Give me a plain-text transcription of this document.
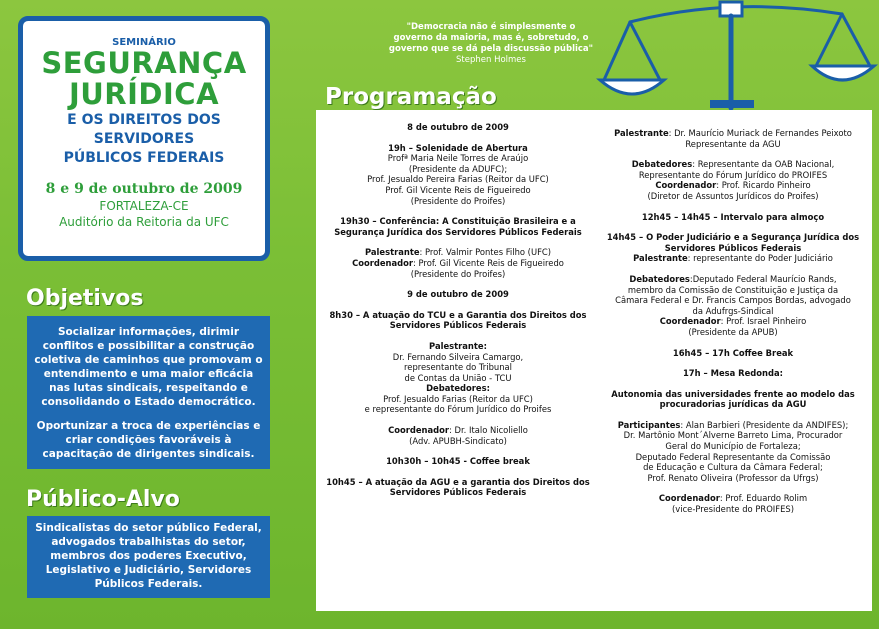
SEMINÁRIO
SEGURANÇA
JURÍDICA
E OS DIREITOS DOS
SERVIDORES
PÚBLICOS FEDERAIS
8 e 9 de outubro de 2009
FORTALEZA-CE
Auditório da Reitoria da UFC
"Democracia não é simplesmente o
governo da maioria, mas é, sobretudo, o
governo que se dá pela discussão pública"
Stephen Holmes
Objetivos
Socializar informações, dirimir
conflitos e possibilitar a construção
coletiva de caminhos que promovam o
entendimento e uma maior eficácia
nas lutas sindicais, respeitando e
consolidando o Estado democrático.
Oportunizar a troca de experiências e
criar condições favoráveis à
capacitação de dirigentes sindicais.
Público-Alvo
Sindicalistas do setor público Federal,
advogados trabalhistas do setor,
membros dos poderes Executivo,
Legislativo e Judiciário, Servidores
Públicos Federais.
Programação
8 de outubro de 2009
19h – Solenidade de Abertura
Profª Maria Neile Torres de Araújo
(Presidente da ADUFC);
Prof. Jesualdo Pereira Farias (Reitor da UFC)
Prof. Gil Vicente Reis de Figueiredo
(Presidente do Proifes)
19h30 – Conferência: A Constituição Brasileira e a
Segurança Jurídica dos Servidores Públicos Federais
Palestrante: Prof. Valmir Pontes Filho (UFC)
Coordenador: Prof. Gil Vicente Reis de Figueiredo
(Presidente do Proifes)
9 de outubro de 2009
8h30 – A atuação do TCU e a Garantia dos Direitos dos
Servidores Públicos Federais
Palestrante:
Dr. Fernando Silveira Camargo,
representante do Tribunal
de Contas da União - TCU
Debatedores:
Prof. Jesualdo Farias (Reitor da UFC)
e representante do Fórum Jurídico do Proifes
Coordenador: Dr. Italo Nicoliello
(Adv. APUBH-Sindicato)
10h30h – 10h45 - Coffee break
10h45 – A atuação da AGU e a garantia dos Direitos dos
Servidores Públicos Federais
Palestrante: Dr. Maurício Muriack de Fernandes Peixoto
Representante da AGU
Debatedores: Representante da OAB Nacional,
Representante do Fórum Jurídico do PROIFES
Coordenador: Prof. Ricardo Pinheiro
(Diretor de Assuntos Jurídicos do Proifes)
12h45 – 14h45 – Intervalo para almoço
14h45 – O Poder Judiciário e a Segurança Jurídica dos
Servidores Públicos Federais
Palestrante: representante do Poder Judiciário
Debatedores:Deputado Federal Maurício Rands,
membro da Comissão de Constituição e Justiça da
Câmara Federal e Dr. Francis Campos Bordas, advogado
da Adufrgs-Sindical
Coordenador: Prof. Israel Pinheiro
(Presidente da APUB)
16h45 – 17h Coffee Break
17h – Mesa Redonda:
Autonomia das universidades frente ao modelo das
procuradorias jurídicas da AGU
Participantes: Alan Barbieri (Presidente da ANDIFES);
Dr. Martônio Mont´Alverne Barreto Lima, Procurador
Geral do Município de Fortaleza;
Deputado Federal Representante da Comissão
de Educação e Cultura da Câmara Federal;
Prof. Renato Oliveira (Professor da Ufrgs)
Coordenador: Prof. Eduardo Rolim
(vice-Presidente do PROIFES)
